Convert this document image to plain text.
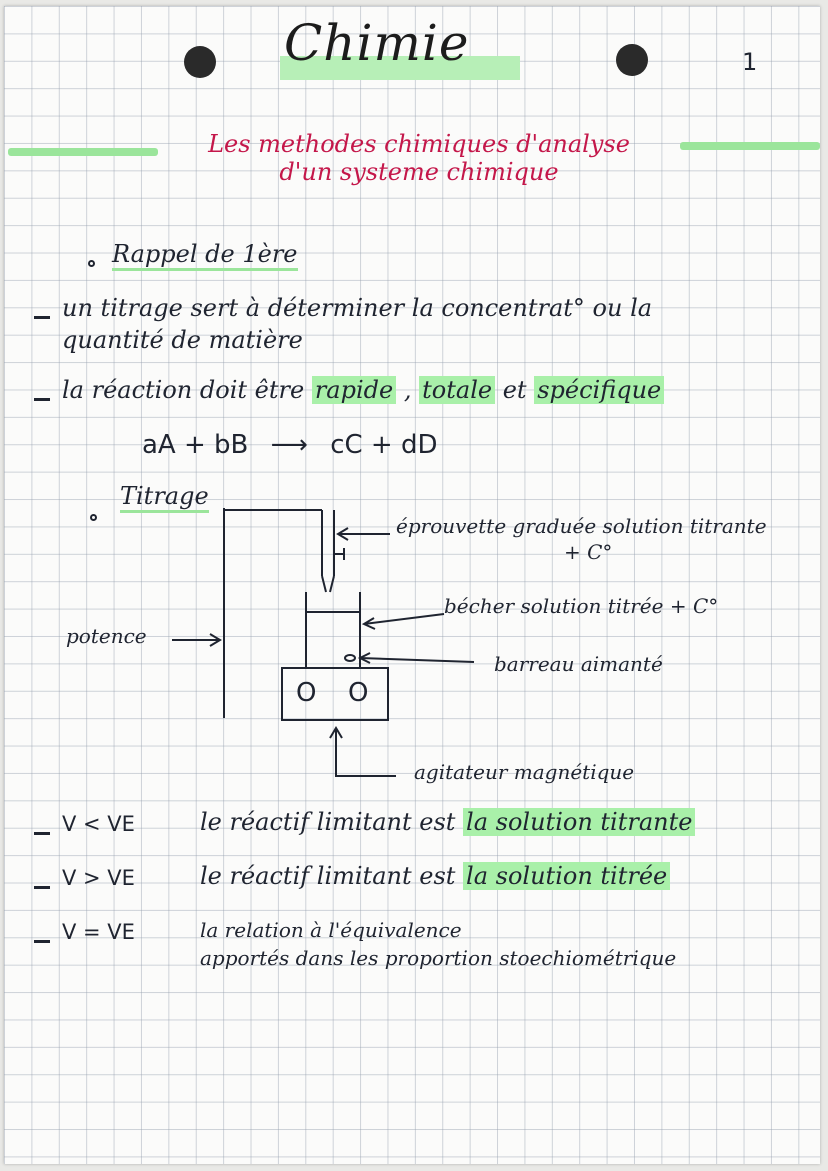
Chimie	1
Les methodes chimiques d'analyse
d'un systeme chimique
Rappel de 1ère
un titrage sert à déterminer la concentrat° ou la
quantité de matière
la réaction doit être rapide , totale et spécifique
aA + bB ⟶ cC + dD
Titrage
O O
éprouvette graduée solution titrante
+ C°
bécher solution titrée + C°
potence
barreau aimanté
agitateur magnétique
V < VE	le réactif limitant est la solution titrante
V > VE	le réactif limitant est la solution titrée
V = VE	la relation à l'équivalence
apportés dans les proportion stoechiométrique
